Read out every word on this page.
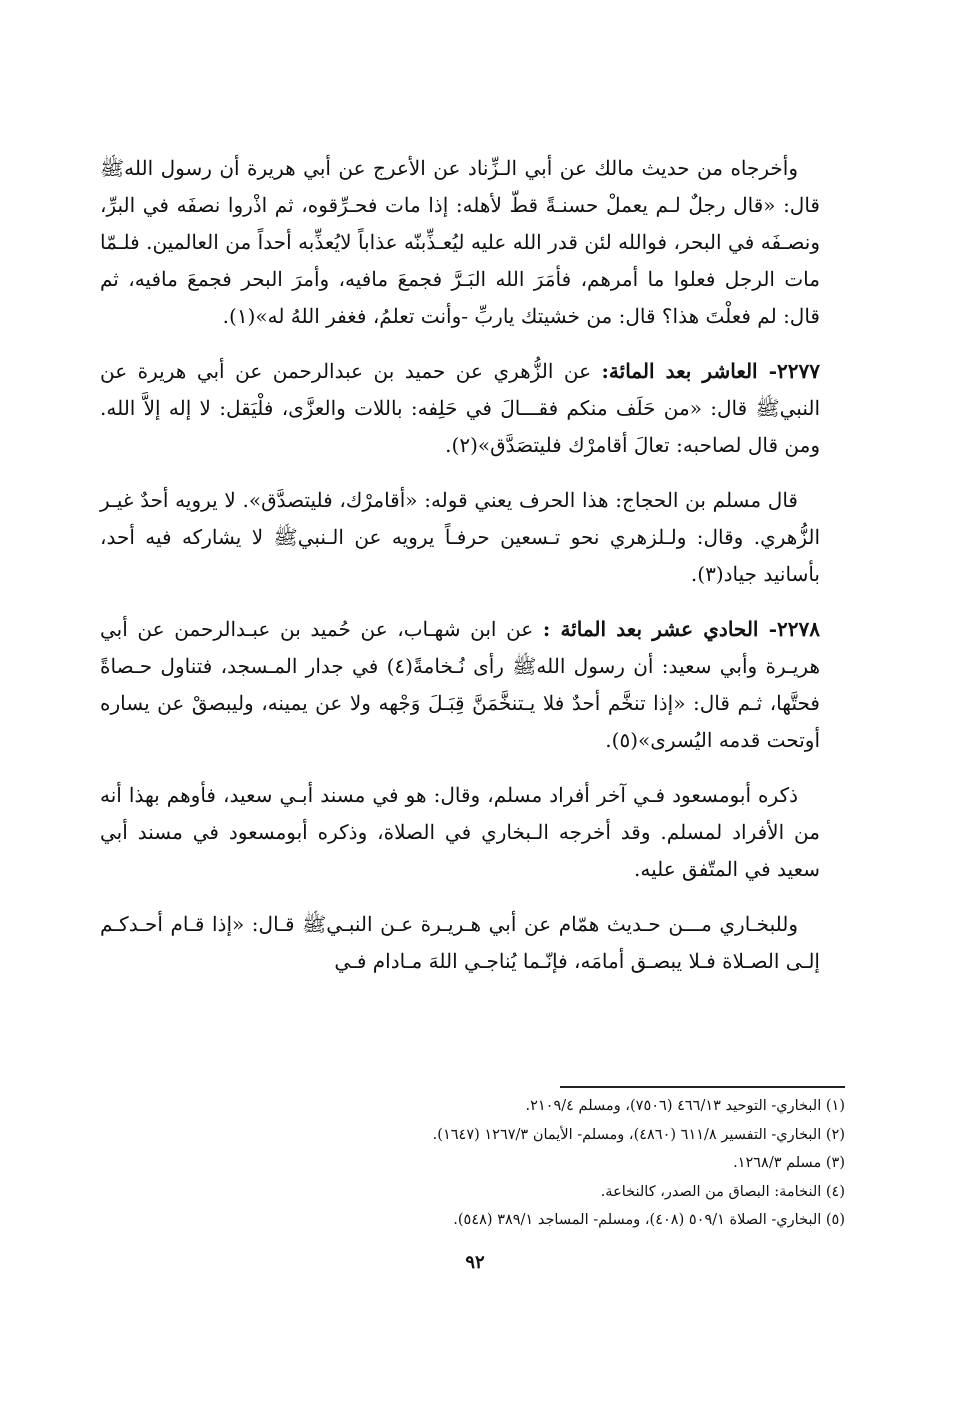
وأخرجاه من حديث مالك عن أبي الـزِّناد عن الأعرج عن أبي هريرة أن رسول اللهﷺ قال: «قال رجلٌ لـم يعملْ حسنـةً قطّ لأهله: إذا مات فحـرِّقوه، ثم اذْروا نصفَه في البرِّ، ونصـفَه في البحر، فوالله لئن قدر الله عليه ليُعـذِّبنّه عذاباً لايُعذِّبه أحداً من العالمين. فلـمّا مات الرجل فعلوا ما أمرهم، فأمَرَ الله البَـرَّ فجمعَ مافيه، وأمرَ البحر فجمعَ مافيه، ثم قال: لم فعلْتَ هذا؟ قال: من خشيتك ياربِّ -وأنت تعلمُ، فغفر اللهُ له»(١).

٢٢٧٧- العاشر بعد المائة: عن الزُّهري عن حميد بن عبدالرحمن عن أبي هريرة عن النبيﷺ قال: «من حَلَف منكم فقـــالَ في حَلِفه: باللات والعزَّى، فلْيَقل: لا إله إلاَّ الله. ومن قال لصاحبه: تعالَ أقامرْك فليتصَدَّق»(٢).

قال مسلم بن الحجاج: هذا الحرف يعني قوله: «أقامرْك، فليتصدَّق». لا يرويه أحدٌ غيـر الزُّهري. وقال: ولـلزهري نحو تـسعين حرفـاً يرويه عن الـنبيﷺ لا يشاركه فيه أحد، بأسانيد جياد(٣).

٢٢٧٨- الحادي عشر بعد المائة : عن ابن شهـاب، عن حُميد بن عبـدالرحمن عن أبي هريـرة وأبي سعيد: أن رسول اللهﷺ رأى نُـخامةً(٤) في جدار المـسجد، فتناول حـصاةً فحتَّها، ثـم قال: «إذا تنخَّم أحدٌ فلا يـتنخَّمَنَّ قِبَـلَ وَجْهه ولا عن يمينه، وليبصقْ عن يساره أوتحت قدمه اليُسرى»(٥).

ذكره أبومسعود فـي آخر أفراد مسلم، وقال: هو في مسند أبـي سعيد، فأوهم بهذا أنه من الأفراد لمسلم. وقد أخرجه الـبخاري في الصلاة، وذكره أبومسعود في مسند أبي سعيد في المتّفق عليه.

وللبخـاري مـــن حـديث همّام عن أبي هـريـرة عـن النبـيﷺ قـال: «إذا قـام أحـدكـم إلـى الصـلاة فـلا يبصـق أمامَه، فإنّـما يُناجـي اللهَ مـادام فـي

(١) البخاري- التوحيد ٤٦٦/١٣ (٧٥٠٦)، ومسلم ٢١٠٩/٤.

(٢) البخاري- التفسير ٦١١/٨ (٤٨٦٠)، ومسلم- الأيمان ١٢٦٧/٣ (١٦٤٧).

(٣) مسلم ١٢٦٨/٣.

(٤) النخامة: البصاق من الصدر، كالنخاعة.

(٥) البخاري- الصلاة ٥٠٩/١ (٤٠٨)، ومسلم- المساجد ٣٨٩/١ (٥٤٨).

٩٢
